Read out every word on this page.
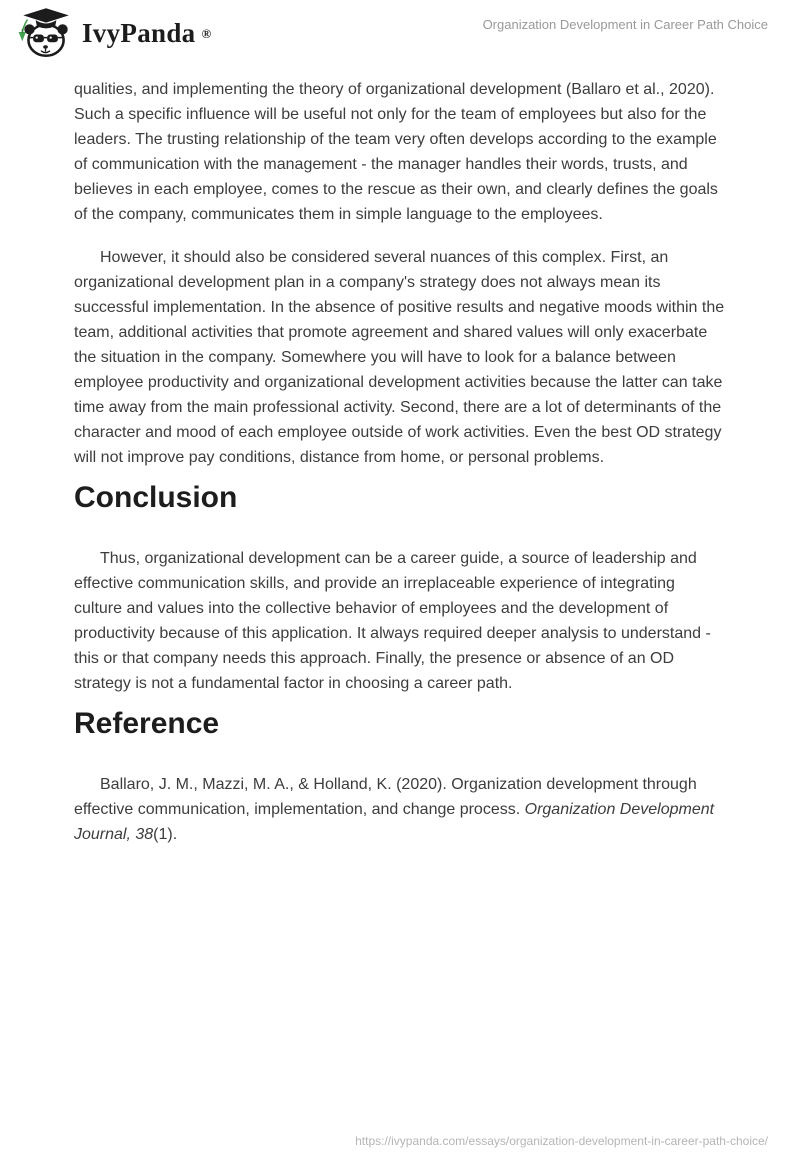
IvyPanda ®
Organization Development in Career Path Choice

qualities, and implementing the theory of organizational development (Ballaro et al., 2020). Such a specific influence will be useful not only for the team of employees but also for the leaders. The trusting relationship of the team very often develops according to the example of communication with the management - the manager handles their words, trusts, and believes in each employee, comes to the rescue as their own, and clearly defines the goals of the company, communicates them in simple language to the employees.

However, it should also be considered several nuances of this complex. First, an organizational development plan in a company's strategy does not always mean its successful implementation. In the absence of positive results and negative moods within the team, additional activities that promote agreement and shared values will only exacerbate the situation in the company. Somewhere you will have to look for a balance between employee productivity and organizational development activities because the latter can take time away from the main professional activity. Second, there are a lot of determinants of the character and mood of each employee outside of work activities. Even the best OD strategy will not improve pay conditions, distance from home, or personal problems.

Conclusion

Thus, organizational development can be a career guide, a source of leadership and effective communication skills, and provide an irreplaceable experience of integrating culture and values into the collective behavior of employees and the development of productivity because of this application. It always required deeper analysis to understand - this or that company needs this approach. Finally, the presence or absence of an OD strategy is not a fundamental factor in choosing a career path.

Reference

Ballaro, J. M., Mazzi, M. A., & Holland, K. (2020). Organization development through effective communication, implementation, and change process. Organization Development Journal, 38(1).

https://ivypanda.com/essays/organization-development-in-career-path-choice/
